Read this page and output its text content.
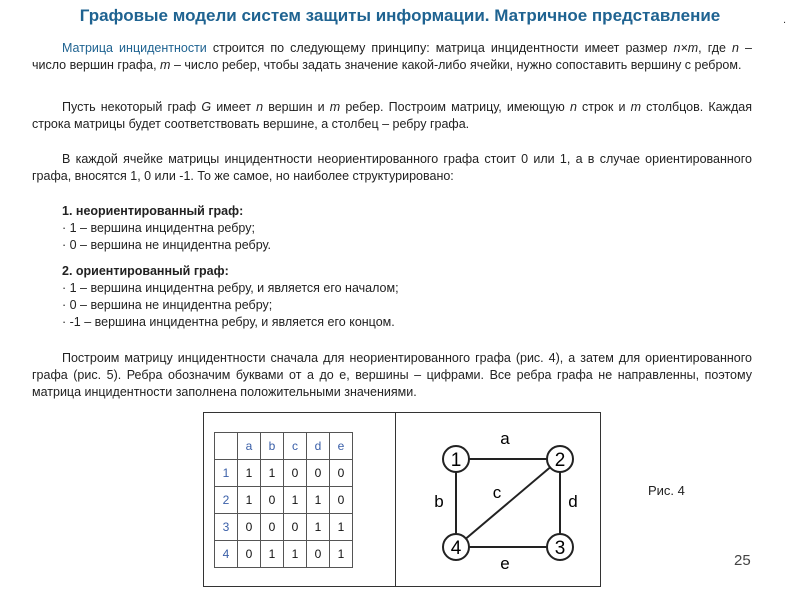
Графовые модели систем защиты информации. Матричное представление	.

Матрица инцидентности строится по следующему принципу: матрица инцидентности имеет размер n×m, где n – число вершин графа, m – число ребер, чтобы задать значение какой-либо ячейки, нужно сопоставить вершину с ребром.

Пусть некоторый граф G имеет n вершин и m ребер. Построим матрицу, имеющую n строк и m столбцов. Каждая строка матрицы будет соответствовать вершине, а столбец – ребру графа.

В каждой ячейке матрицы инцидентности неориентированного графа стоит 0 или 1, а в случае ориентированного графа, вносятся 1, 0 или -1. То же самое, но наиболее структурировано:

1. неориентированный граф:
· 1 – вершина инцидентна ребру;
· 0 – вершина не инцидентна ребру.
2. ориентированный граф:
· 1 – вершина инцидентна ребру, и является его началом;
· 0 – вершина не инцидентна ребру;
· -1 – вершина инцидентна ребру, и является его концом.

Построим матрицу инцидентности сначала для неориентированного графа (рис. 4), а затем для ориентированного графа (рис. 5). Ребра обозначим буквами от a до e, вершины – цифрами. Все ребра графа не направленны, поэтому матрица инцидентности заполнена положительными значениями.

	a	b	c	d	e
1	1	1	0	0	0
2	1	0	1	1	0
3	0	0	0	1	1
4	0	1	1	0	1
1	2
3
4
a
b	c	d
e
Рис. 4
25
